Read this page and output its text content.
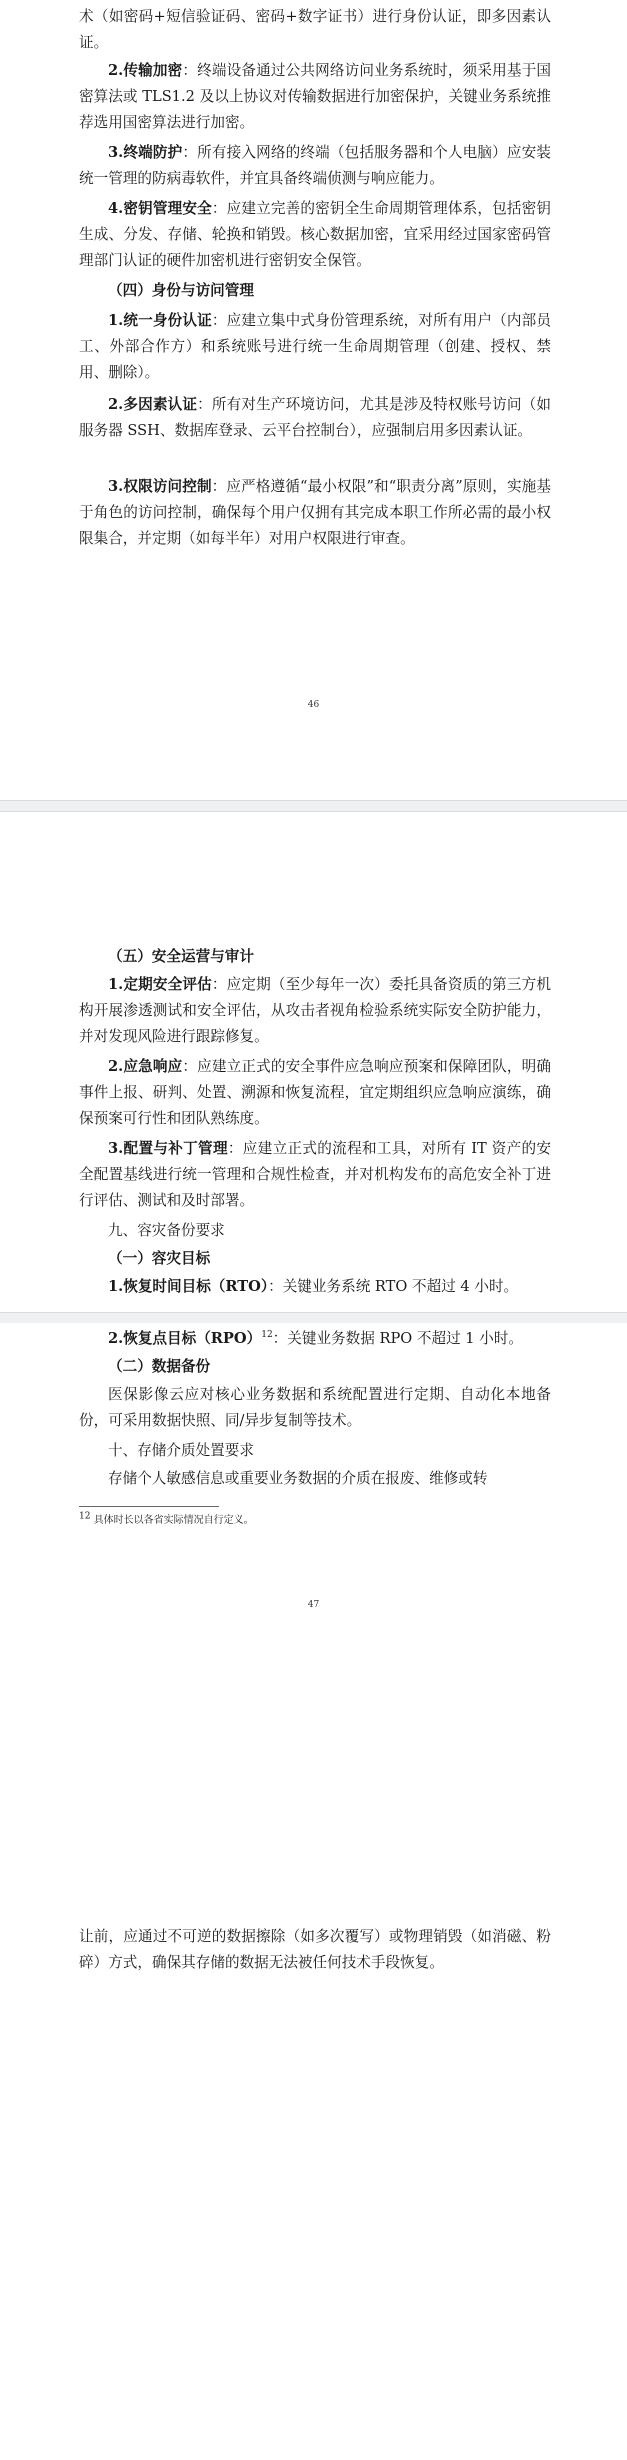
术（如密码+短信验证码、密码+数字证书）进行身份认证，即多因素认证。

2.传输加密：终端设备通过公共网络访问业务系统时，须采用基于国密算法或 TLS1.2 及以上协议对传输数据进行加密保护，关键业务系统推荐选用国密算法进行加密。

3.终端防护：所有接入网络的终端（包括服务器和个人电脑）应安装统一管理的防病毒软件，并宜具备终端侦测与响应能力。

4.密钥管理安全：应建立完善的密钥全生命周期管理体系，包括密钥生成、分发、存储、轮换和销毁。核心数据加密，宜采用经过国家密码管理部门认证的硬件加密机进行密钥安全保管。

（四）身份与访问管理

1.统一身份认证：应建立集中式身份管理系统，对所有用户（内部员工、外部合作方）和系统账号进行统一生命周期管理（创建、授权、禁用、删除）。

2.多因素认证：所有对生产环境访问，尤其是涉及特权账号访问（如服务器 SSH、数据库登录、云平台控制台），应强制启用多因素认证。

3.权限访问控制：应严格遵循“最小权限”和“职责分离”原则，实施基于角色的访问控制，确保每个用户仅拥有其完成本职工作所必需的最小权限集合，并定期（如每半年）对用户权限进行审查。

46

（五）安全运营与审计

1.定期安全评估：应定期（至少每年一次）委托具备资质的第三方机构开展渗透测试和安全评估，从攻击者视角检验系统实际安全防护能力，并对发现风险进行跟踪修复。

2.应急响应：应建立正式的安全事件应急响应预案和保障团队，明确事件上报、研判、处置、溯源和恢复流程，宜定期组织应急响应演练，确保预案可行性和团队熟练度。

3.配置与补丁管理：应建立正式的流程和工具，对所有 IT 资产的安全配置基线进行统一管理和合规性检查，并对机构发布的高危安全补丁进行评估、测试和及时部署。

九、容灾备份要求

（一）容灾目标

1.恢复时间目标（RTO）：关键业务系统 RTO 不超过 4 小时。

2.恢复点目标（RPO）$^{12}$：关键业务数据 RPO 不超过 1 小时。

（二）数据备份

医保影像云应对核心业务数据和系统配置进行定期、自动化本地备份，可采用数据快照、同/异步复制等技术。

十、存储介质处置要求

存储个人敏感信息或重要业务数据的介质在报废、维修或转

$^{12}$ 具体时长以各省实际情况自行定义。
47

让前，应通过不可逆的数据擦除（如多次覆写）或物理销毁（如消磁、粉碎）方式，确保其存储的数据无法被任何技术手段恢复。
